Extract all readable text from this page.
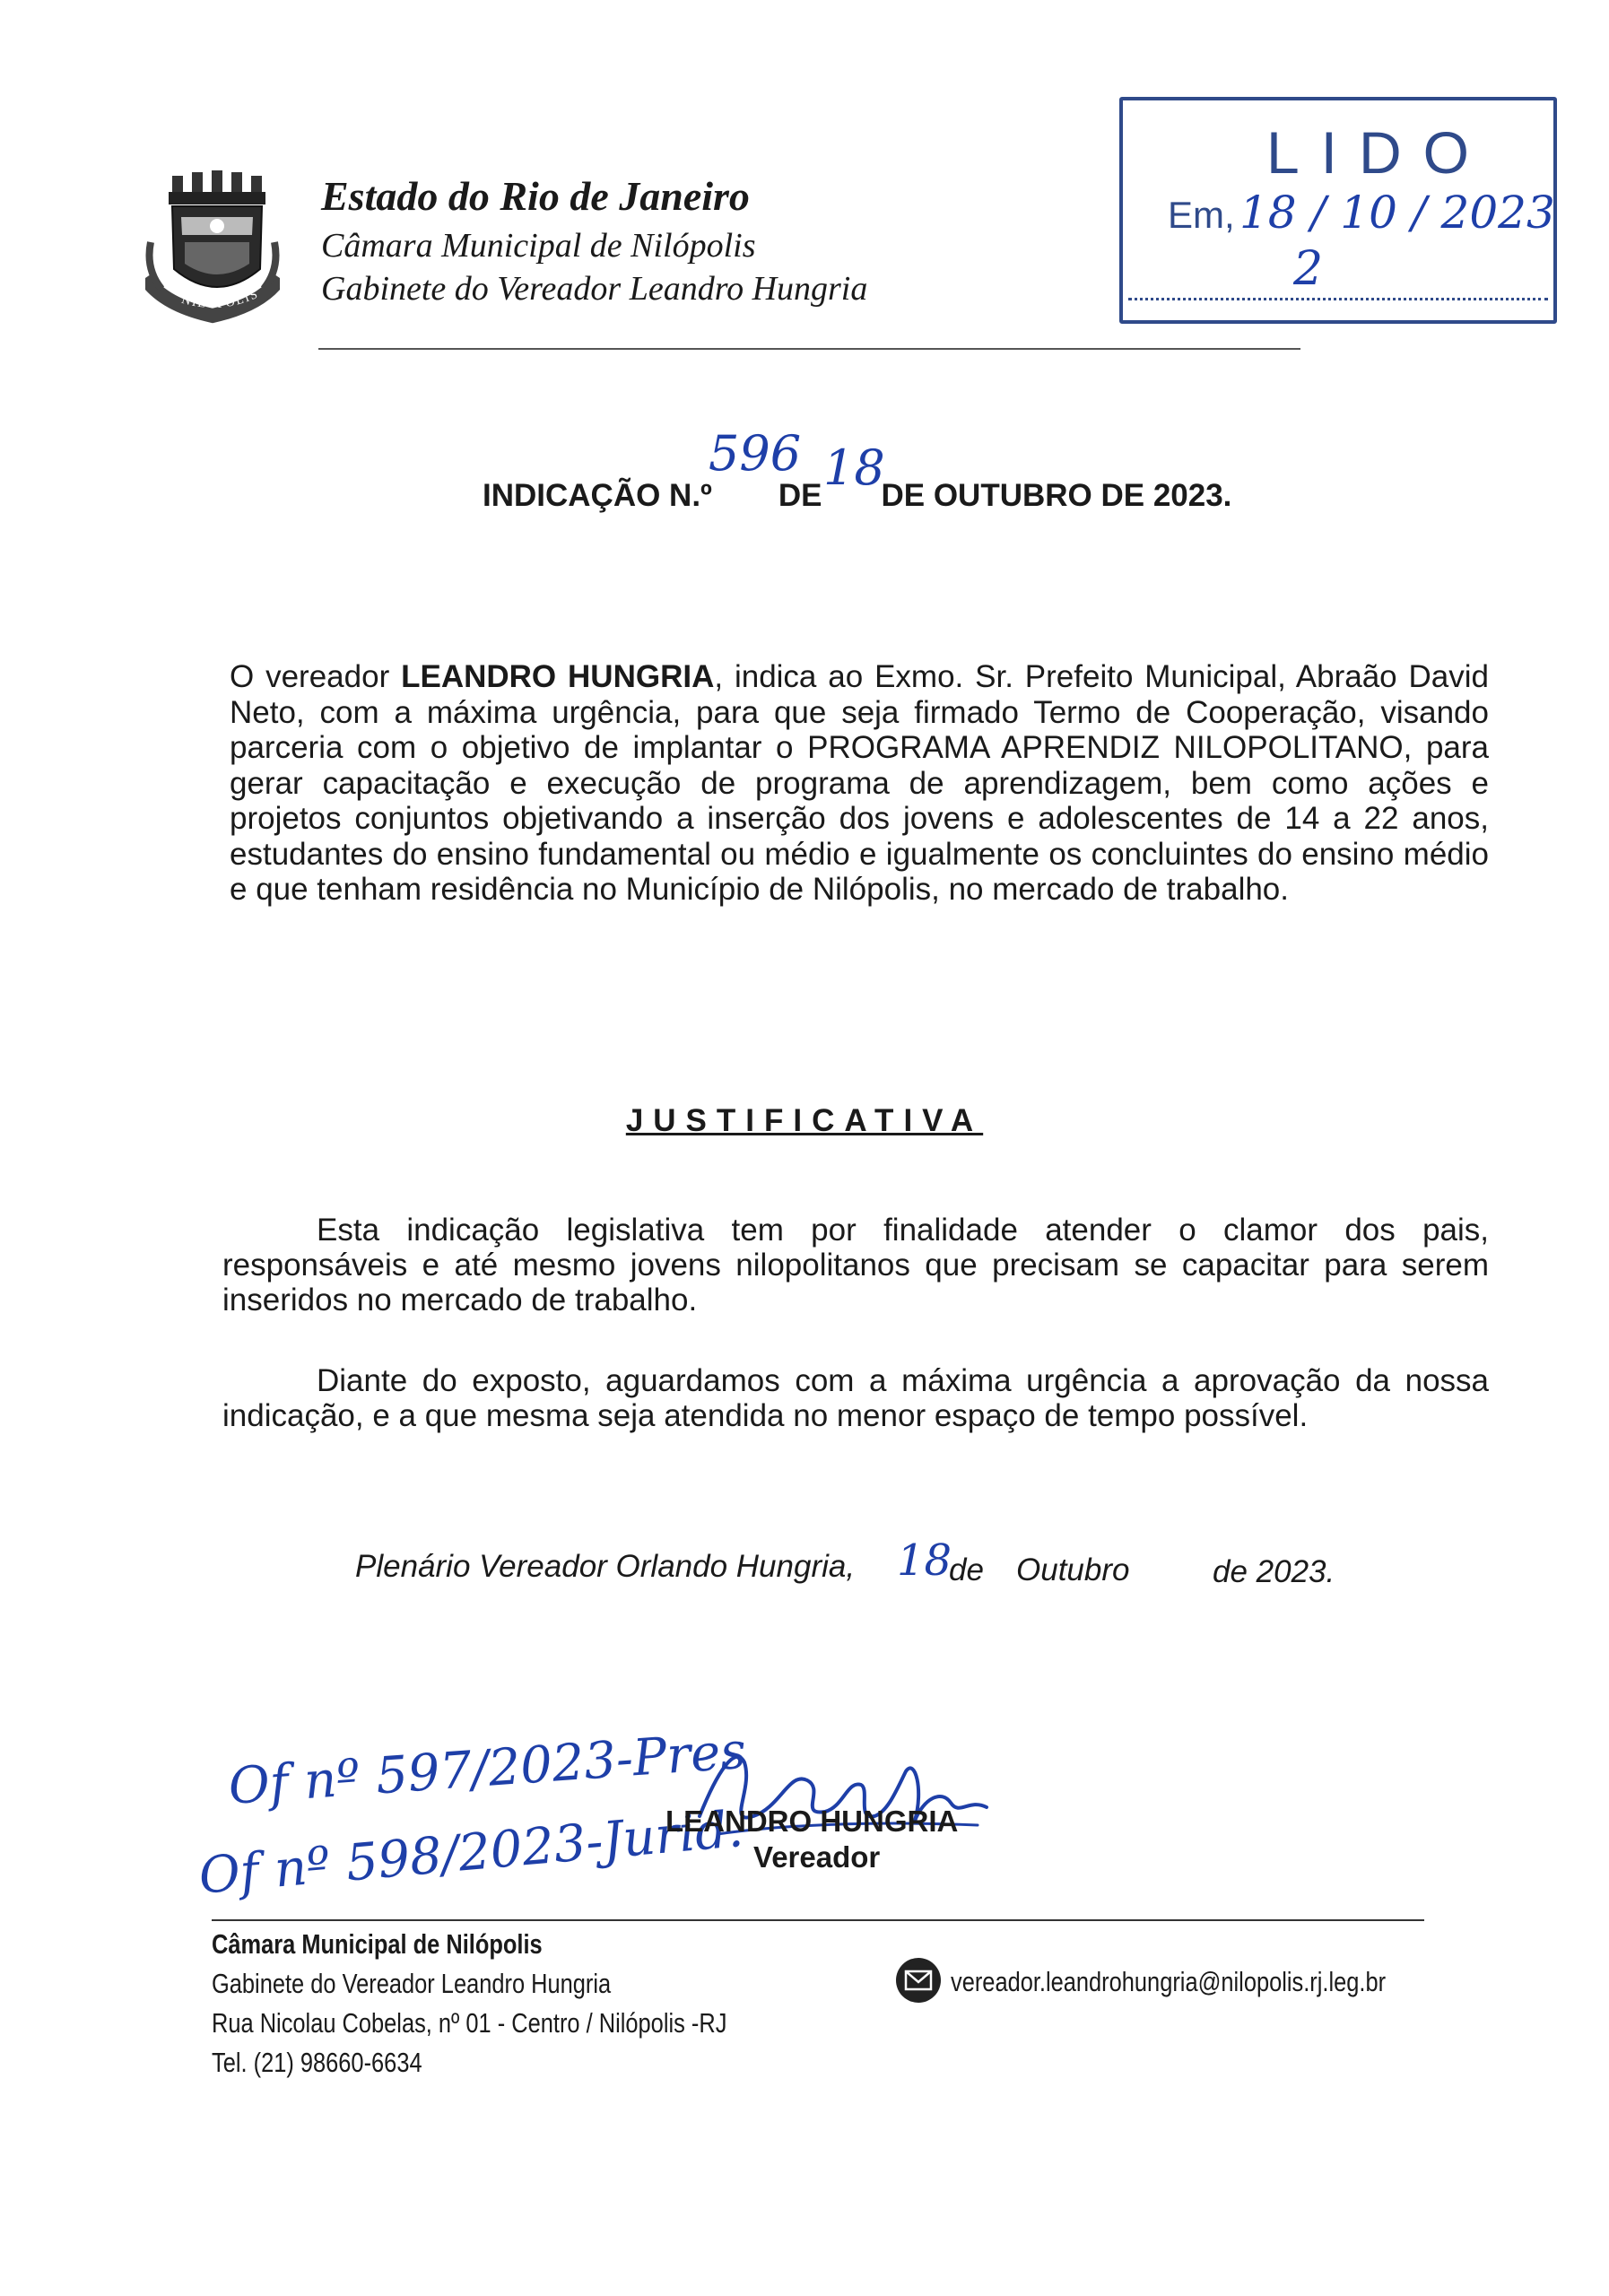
NILÓPOLIS
Estado do Rio de Janeiro
Câmara Municipal de Nilópolis
Gabinete do Vereador Leandro Hungria
LIDO
Em, 18 / 10 / 2023
2
INDICAÇÃO N.º DE DE OUTUBRO DE 2023.
596 18
O vereador LEANDRO HUNGRIA, indica ao Exmo. Sr. Prefeito Municipal, Abraão David Neto, com a máxima urgência, para que seja firmado Termo de Cooperação, visando parceria com o objetivo de implantar o PROGRAMA APRENDIZ NILOPOLITANO, para gerar capacitação e execução de programa de aprendizagem, bem como ações e projetos conjuntos objetivando a inserção dos jovens e adolescentes de 14 a 22 anos, estudantes do ensino fundamental ou médio e igualmente os concluintes do ensino médio e que tenham residência no Município de Nilópolis, no mercado de trabalho.
JUSTIFICATIVA
Esta indicação legislativa tem por finalidade atender o clamor dos pais, responsáveis e até mesmo jovens nilopolitanos que precisam se capacitar para serem inseridos no mercado de trabalho.
Diante do exposto, aguardamos com a máxima urgência a aprovação da nossa indicação, e a que mesma seja atendida no menor espaço de tempo possível.
Plenário Vereador Orlando Hungria, 18
de Outubro	de 2023.
Of nº 597/2023-Pres
Of nº 598/2023-Jurid.
LEANDRO HUNGRIA
Vereador
Câmara Municipal de Nilópolis
Gabinete do Vereador Leandro Hungria
Rua Nicolau Cobelas, nº 01 - Centro / Nilópolis -RJ
Tel. (21) 98660-6634
vereador.leandrohungria@nilopolis.rj.leg.br
